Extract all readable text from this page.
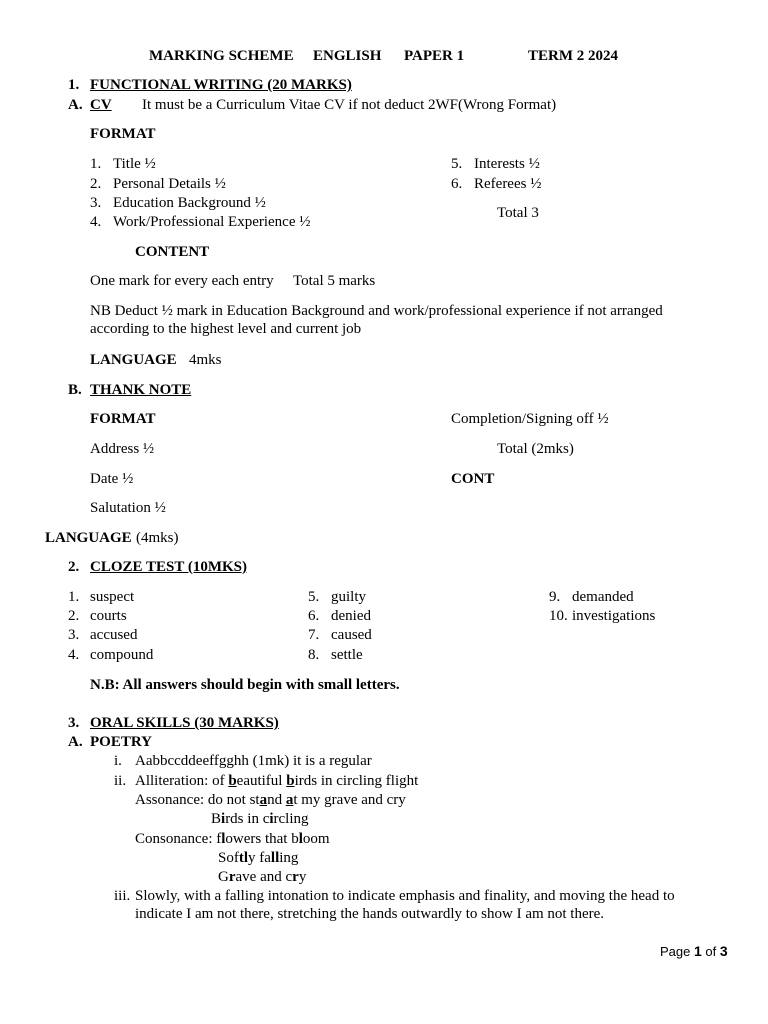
MARKING SCHEME ENGLISH PAPER 1	TERM 2 2024
1. FUNCTIONAL WRITING (20 MARKS)
A. CV It must be a Curriculum Vitae CV if not deduct 2WF(Wrong Format)
FORMAT
1. Title ½
2. Personal Details ½
3. Education Background ½
4. Work/Professional Experience ½
5. Interests ½
6. Referees ½
Total 3
CONTENT
One mark for every each entry Total 5 marks
NB Deduct ½ mark in Education Background and work/professional experience if not arranged according to the highest level and current job
LANGUAGE 4mks
B. THANK NOTE
FORMAT	Completion/Signing off ½
Address ½	Total (2mks)
Date ½	CONT
Salutation ½
LANGUAGE (4mks)
2. CLOZE TEST (10MKS)
1. suspect
2. courts
3. accused
4. compound
5. guilty
6. denied
7. caused
8. settle
9. demanded
10. investigations
N.B: All answers should begin with small letters.
3. ORAL SKILLS (30 MARKS)
A. POETRY
i. Aabbccddeeffgghh (1mk) it is a regular
ii. Alliteration: of beautiful birds in circling flight
Assonance: do not stand at my grave and cry
Birds in circling
Consonance: flowers that bloom
Softly falling
Grave and cry
iii. Slowly, with a falling intonation to indicate emphasis and finality, and moving the head to indicate I am not there, stretching the hands outwardly to show I am not there.
Page 1 of 3
